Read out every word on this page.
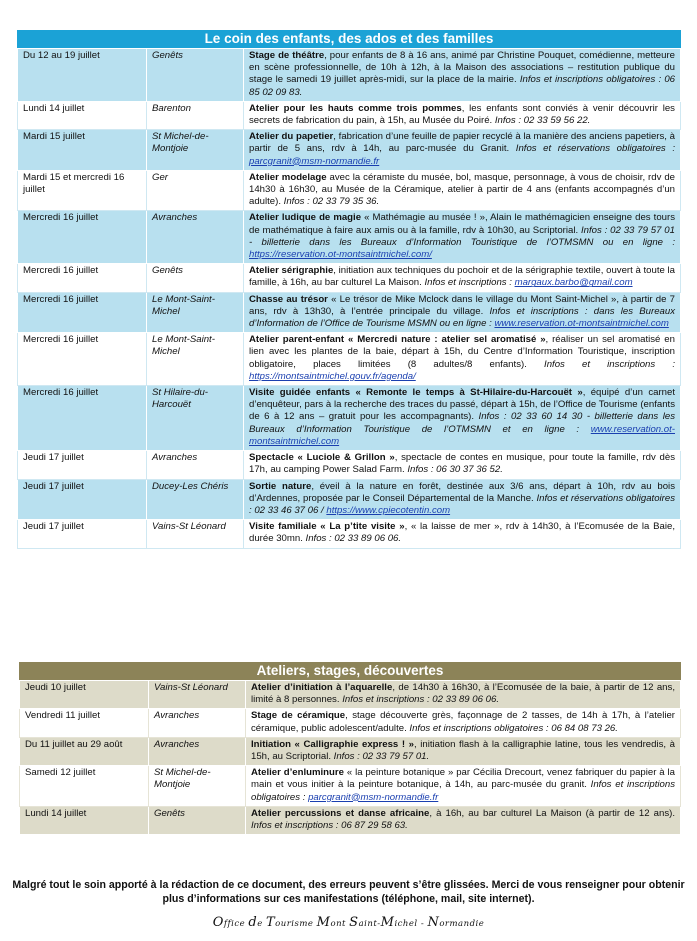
Le coin des enfants, des ados et des familles
Du 12 au 19 juillet	Genêts	Stage de théâtre, pour enfants de 8 à 16 ans, animé par Christine Pouquet, comédienne, metteure en scène professionnelle, de 10h à 12h, à la Maison des associations – restitution publique du stage le samedi 19 juillet après-midi, sur la place de la mairie. Infos et inscriptions obligatoires : 06 85 02 09 83.
Lundi 14 juillet	Barenton	Atelier pour les hauts comme trois pommes, les enfants sont conviés à venir découvrir les secrets de fabrication du pain, à 15h, au Musée du Poiré. Infos : 02 33 59 56 22.
Mardi 15 juillet	St Michel-de-Montjoie	Atelier du papetier, fabrication d’une feuille de papier recyclé à la manière des anciens papetiers, à partir de 5 ans, rdv à 14h, au parc-musée du Granit. Infos et réservations obligatoires : parcgranit@msm-normandie.fr
Mardi 15 et mercredi 16 juillet	Ger	Atelier modelage avec la céramiste du musée, bol, masque, personnage, à vous de choisir, rdv de 14h30 à 16h30, au Musée de la Céramique, atelier à partir de 4 ans (enfants accompagnés d’un adulte). Infos : 02 33 79 35 36.
Mercredi 16 juillet	Avranches	Atelier ludique de magie « Mathémagie au musée ! », Alain le mathémagicien enseigne des tours de mathématique à faire aux amis ou à la famille, rdv à 10h30, au Scriptorial. Infos : 02 33 79 57 01 - billetterie dans les Bureaux d’Information Touristique de l’OTMSMN ou en ligne : https://reservation.ot-montsaintmichel.com/
Mercredi 16 juillet	Genêts	Atelier sérigraphie, initiation aux techniques du pochoir et de la sérigraphie textile, ouvert à toute la famille, à 16h, au bar culturel La Maison. Infos et inscriptions : margaux.barbo@gmail.com
Mercredi 16 juillet	Le Mont-Saint-Michel	Chasse au trésor « Le trésor de Mike Mclock dans le village du Mont Saint-Michel », à partir de 7 ans, rdv à 13h30, à l’entrée principale du village. Infos et inscriptions : dans les Bureaux d’Information de l’Office de Tourisme MSMN ou en ligne : www.reservation.ot-montsaintmichel.com
Mercredi 16 juillet	Le Mont-Saint-Michel	Atelier parent-enfant « Mercredi nature : atelier sel aromatisé », réaliser un sel aromatisé en lien avec les plantes de la baie, départ à 15h, du Centre d’Information Touristique, inscription obligatoire, places limitées (8 adultes/8 enfants). Infos et inscriptions : https://montsaintmichel.gouv.fr/agenda/
Mercredi 16 juillet	St Hilaire-du-Harcouët	Visite guidée enfants « Remonte le temps à St-Hilaire-du-Harcouët », équipé d’un carnet d’enquêteur, pars à la recherche des traces du passé, départ à 15h, de l’Office de Tourisme (enfants de 6 à 12 ans – gratuit pour les accompagnants). Infos : 02 33 60 14 30 - billetterie dans les Bureaux d’Information Touristique de l’OTMSMN et en ligne : www.reservation.ot-montsaintmichel.com
Jeudi 17 juillet	Avranches	Spectacle « Luciole & Grillon », spectacle de contes en musique, pour toute la famille, rdv dès 17h, au camping Power Salad Farm. Infos : 06 30 37 36 52.
Jeudi 17 juillet	Ducey-Les Chéris	Sortie nature, éveil à la nature en forêt, destinée aux 3/6 ans, départ à 10h, rdv au bois d’Ardennes, proposée par le Conseil Départemental de la Manche. Infos et réservations obligatoires : 02 33 46 37 06 / https://www.cpiecotentin.com
Jeudi 17 juillet	Vains-St Léonard	Visite familiale « La p’tite visite », « la laisse de mer », rdv à 14h30, à l’Ecomusée de la Baie, durée 30mn. Infos : 02 33 89 06 06.
Ateliers, stages, découvertes
Jeudi 10 juillet	Vains-St Léonard	Atelier d’initiation à l’aquarelle, de 14h30 à 16h30, à l’Ecomusée de la baie, à partir de 12 ans, limité à 8 personnes. Infos et inscriptions : 02 33 89 06 06.
Vendredi 11 juillet	Avranches	Stage de céramique, stage découverte grès, façonnage de 2 tasses, de 14h à 17h, à l’atelier céramique, public adolescent/adulte. Infos et inscriptions obligatoires : 06 84 08 73 26.
Du 11 juillet au 29 août	Avranches	Initiation « Calligraphie express ! », initiation flash à la calligraphie latine, tous les vendredis, à 15h, au Scriptorial. Infos : 02 33 79 57 01.
Samedi 12 juillet	St Michel-de-Montjoie	Atelier d’enluminure « la peinture botanique » par Cécilia Drecourt, venez fabriquer du papier à la main et vous initier à la peinture botanique, à 14h, au parc-musée du granit. Infos et inscriptions obligatoires : parcgranit@msm-normandie.fr
Lundi 14 juillet	Genêts	Atelier percussions et danse africaine, à 16h, au bar culturel La Maison (à partir de 12 ans). Infos et inscriptions : 06 87 29 58 63.
Malgré tout le soin apporté à la rédaction de ce document, des erreurs peuvent s’être glissées. Merci de vous renseigner pour obtenir plus d’informations sur ces manifestations (téléphone, mail, site internet).
Office de Tourisme Mont Saint-Michel - Normandie
